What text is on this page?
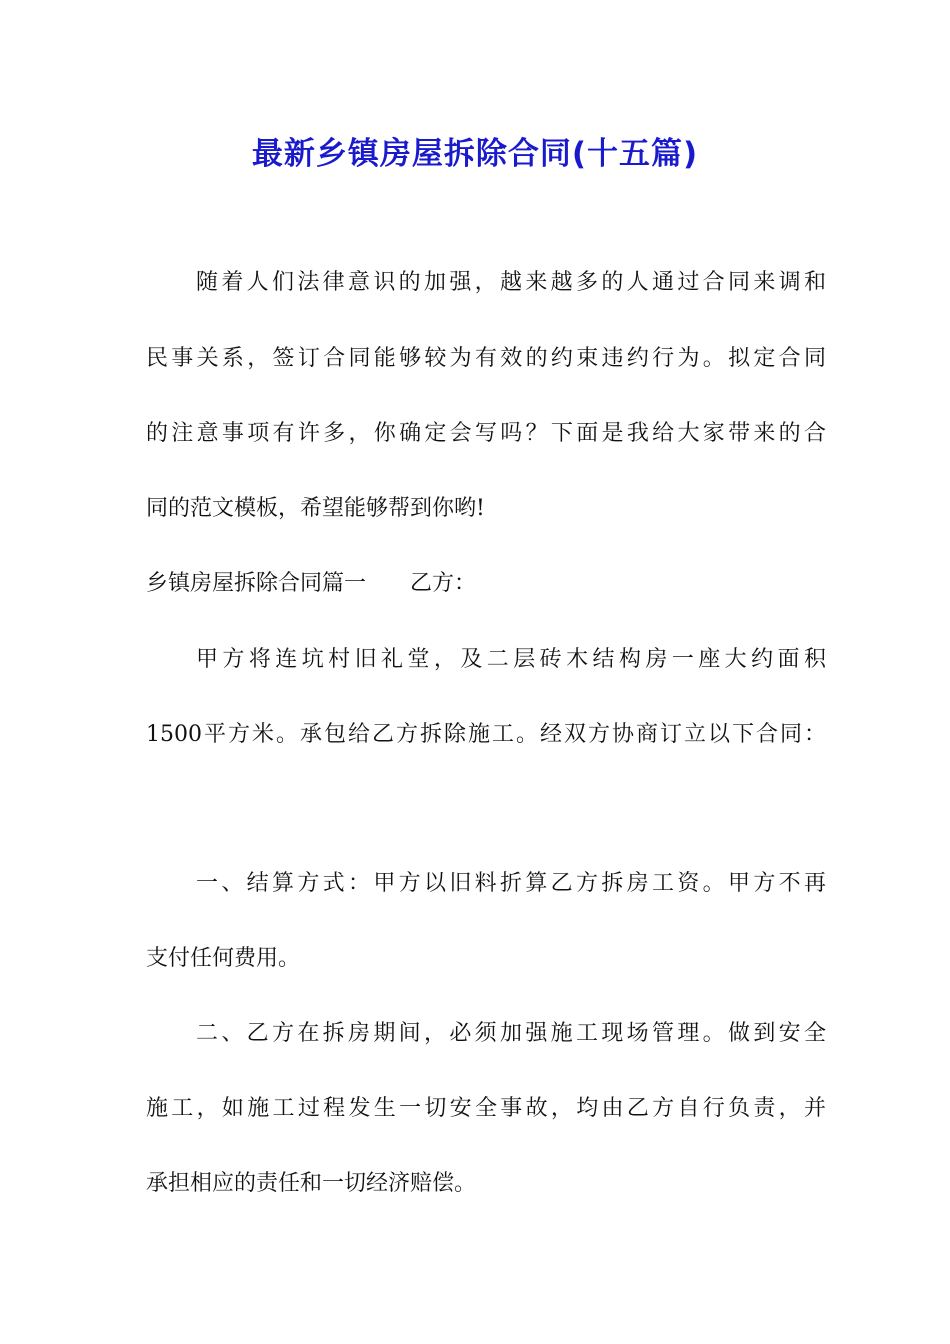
最新乡镇房屋拆除合同(十五篇)

随着人们法律意识的加强，越来越多的人通过合同来调和

民事关系，签订合同能够较为有效的约束违约行为。拟定合同

的注意事项有许多，你确定会写吗？下面是我给大家带来的合

同的范文模板，希望能够帮到你哟!

乡镇房屋拆除合同篇一　　乙方：

甲方将连坑村旧礼堂，及二层砖木结构房一座大约面积

1500平方米。承包给乙方拆除施工。经双方协商订立以下合同：

一、结算方式：甲方以旧料折算乙方拆房工资。甲方不再

支付任何费用。

二、乙方在拆房期间，必须加强施工现场管理。做到安全

施工，如施工过程发生一切安全事故，均由乙方自行负责，并

承担相应的责任和一切经济赔偿。
